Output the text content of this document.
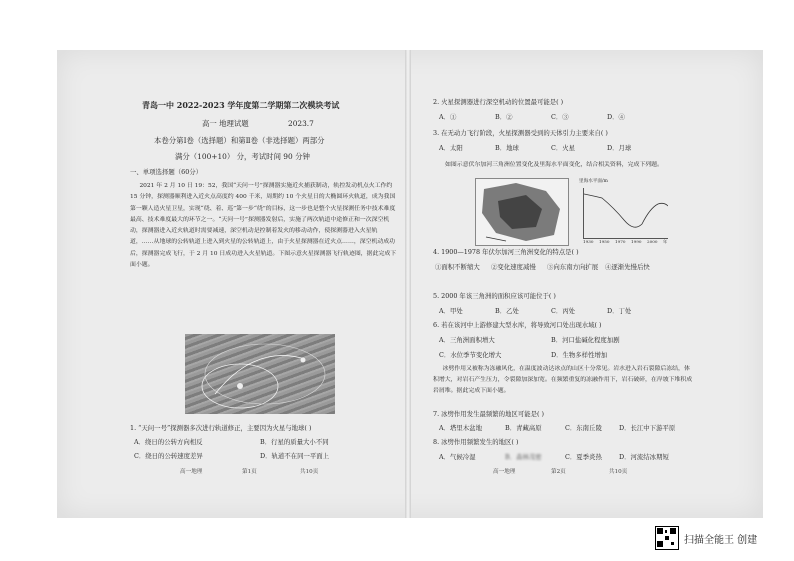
青岛一中 2022-2023 学年度第二学期第二次模块考试
高一 地理试题	2023.7
本卷分第Ⅰ卷（选择题）和第Ⅱ卷（非选择题）两部分
满分（100+10） 分，考试时间 90 分钟
一、单项选择题（60分）
2021 年 2 月 10 日 19：52，我国“天问一号”探测器实施近火捕获制动，轨控发动机点火工作约 15 分钟，探测器顺利进入近火点高度约 400 千米，周期约 10 个火星日的大椭圆环火轨道，成为我国第一颗人造火星卫星，实现“绕、着、巡”第一步“绕”的目标，这一步也是整个火星探测任务中技术难度最高、技术难度最大的环节之一。“天问一号”探测器发射后，实施了两次轨道中途修正和一次深空机动，探测器进入近火轨道时需要减速，深空机动是控制着发火的移动动作，使探测器进入火星轨道，……从地球的公转轨道上进入到火星的公转轨道上，由于火星探测器在近火点……，深空机动成功后，探测器完成飞行，于 2 月 10 日成功进入火星轨道。下图示意火星探测器飞行轨迹图，据此完成下面小题。
1. “天问一号”探测器多次进行轨道修正，主要因为火星与地球( )
A．绕日的公转方向相反	B．行星的质量大小不同
C．绕日的公转速度差异	D．轨道不在同一平面上
高一地理	第1页	共10页
2. 火星探测器进行深空机动的位置最可能是( )
A．①	B．②	C．③	D．④
3. 在无动力飞行阶段，火星探测器受到的天体引力主要来自( )
A．太阳	B．地球	C．火星	D．月球
如图示意伏尔加河三角洲位置变化及里海水平面变化，结合相关资料，完成下列题。
里海水平面/m
1930 1950 1970 1990 2000 年
4. 1900—1978 年伏尔加河三角洲变化的特点是( )
①面积不断缩大 ②变化速度减慢 ③向东南方向扩展 ④逐渐先慢后快
5. 2000 年该三角洲的面积应该可能位于( )
A．甲处	B．乙处	C．丙处	D．丁处
6. 若在该河中上游修建大型水库，将导致河口处出现水域( )
A．三角洲面积增大	B．河口盐碱化程度加剧
C．水位季节变化增大	D．生物多样性增加
冰劈作用又被称为冻融风化，在温度波动达冰点的山区十分常见。岩水进入岩石裂隙后冻结，体积增大，对岩石产生压力，令裂隙加深加宽。在频繁重复的冻融作用下，岩石破碎，在岸坡下堆积成岩屑堆。据此完成下面小题。
7. 冰劈作用发生最频繁的地区可能是( )
A．塔里木盆地	B．青藏高原	C．东南丘陵	D．长江中下游平原
8. 冰劈作用频繁发生的地区( )
A．气候冷湿	B．森林茂密	C．夏季炎热	D．河流结冰期短
高一地理	第2页	共10页
扫描全能王 创建
